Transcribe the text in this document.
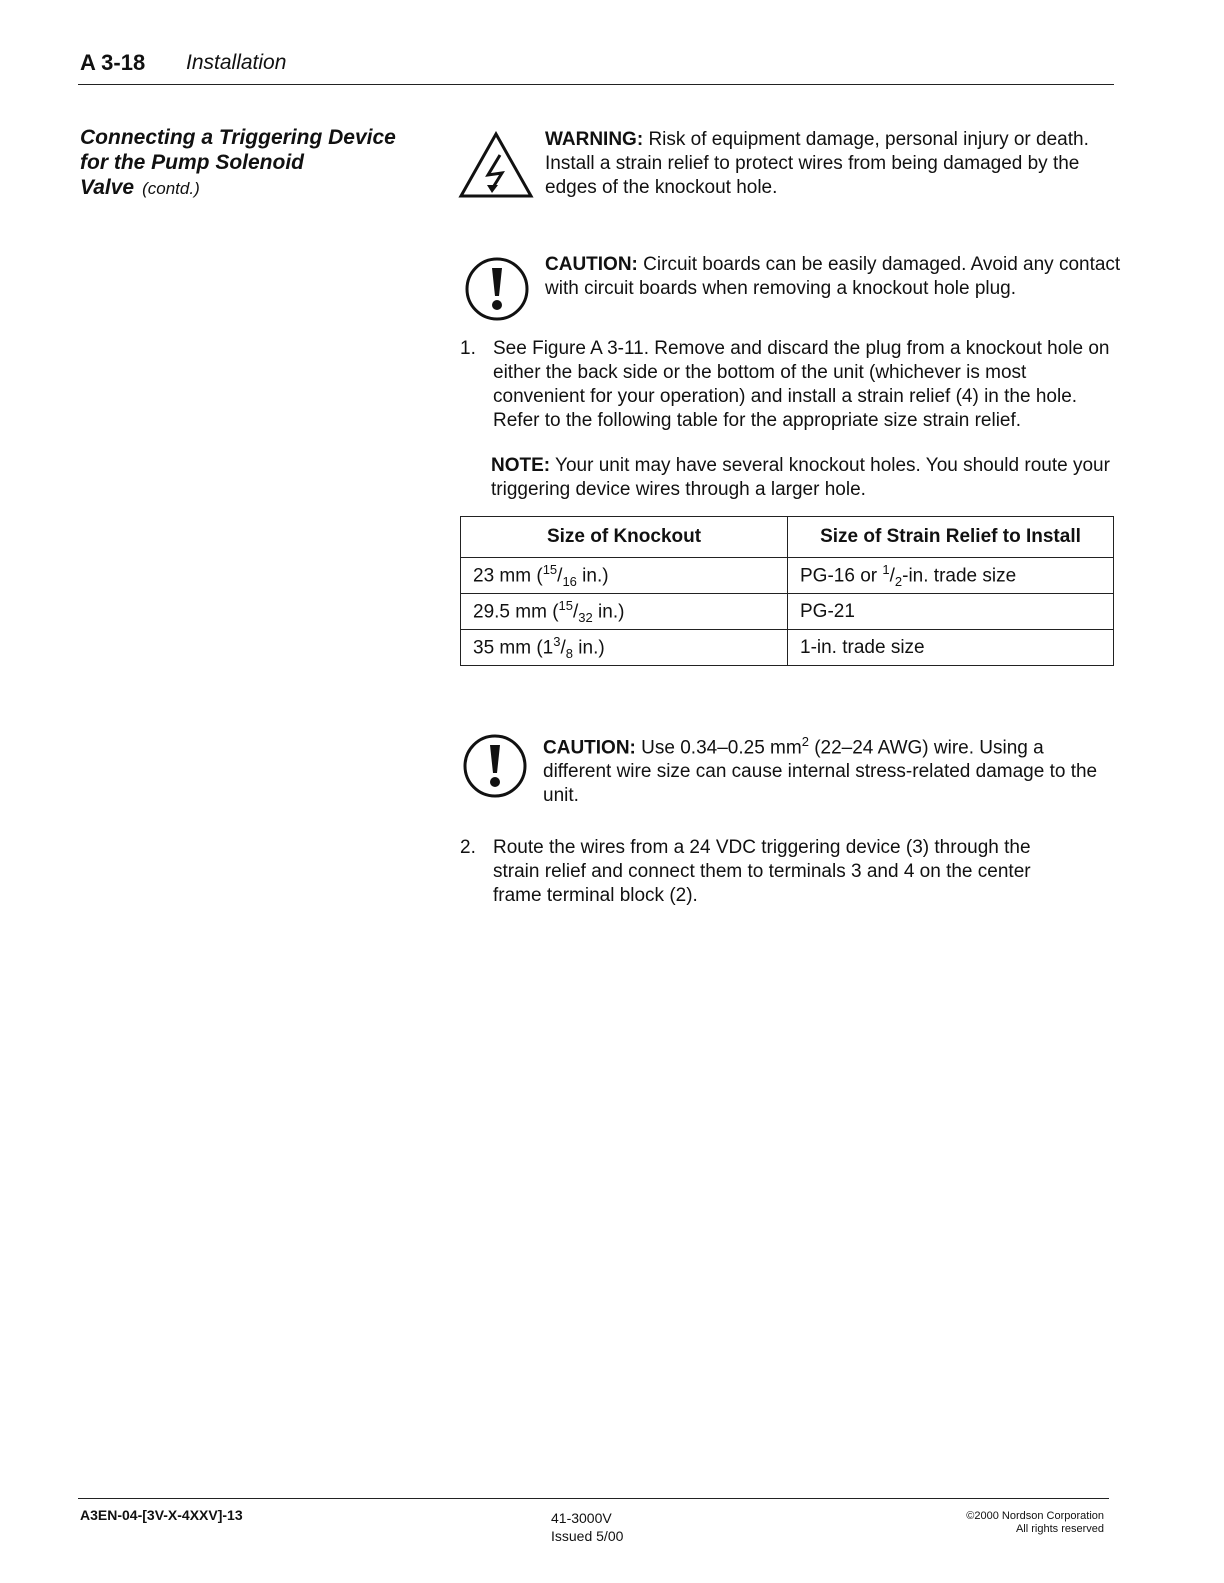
A 3-18 Installation
Connecting a Triggering Device for the Pump Solenoid Valve (contd.)
WARNING: Risk of equipment damage, personal injury or death. Install a strain relief to protect wires from being damaged by the edges of the knockout hole.
CAUTION: Circuit boards can be easily damaged. Avoid any contact with circuit boards when removing a knockout hole plug.
1. See Figure A 3-11. Remove and discard the plug from a knockout hole on either the back side or the bottom of the unit (whichever is most convenient for your operation) and install a strain relief (4) in the hole. Refer to the following table for the appropriate size strain relief.
NOTE: Your unit may have several knockout holes. You should route your triggering device wires through a larger hole.
Size of Knockout	Size of Strain Relief to Install
23 mm ($^{15}/_{16}$ in.)	PG-16 or $^1/_2-in$. trade size
29.5 mm ($^{15}/_{32}$ in.)	PG-21
35 mm ($1^3/_8$ in.)	1-in. trade size
CAUTION: Use 0.34–0.25 $mm^2$ (22–24 AWG) wire. Using a different wire size can cause internal stress-related damage to the unit.
2. Route the wires from a 24 VDC triggering device (3) through the strain relief and connect them to terminals 3 and 4 on the center frame terminal block (2).
A3EN-04-[3V-X-4XXV]-13	41-3000V
Issued 5/00
©2000 Nordson Corporation
All rights reserved
